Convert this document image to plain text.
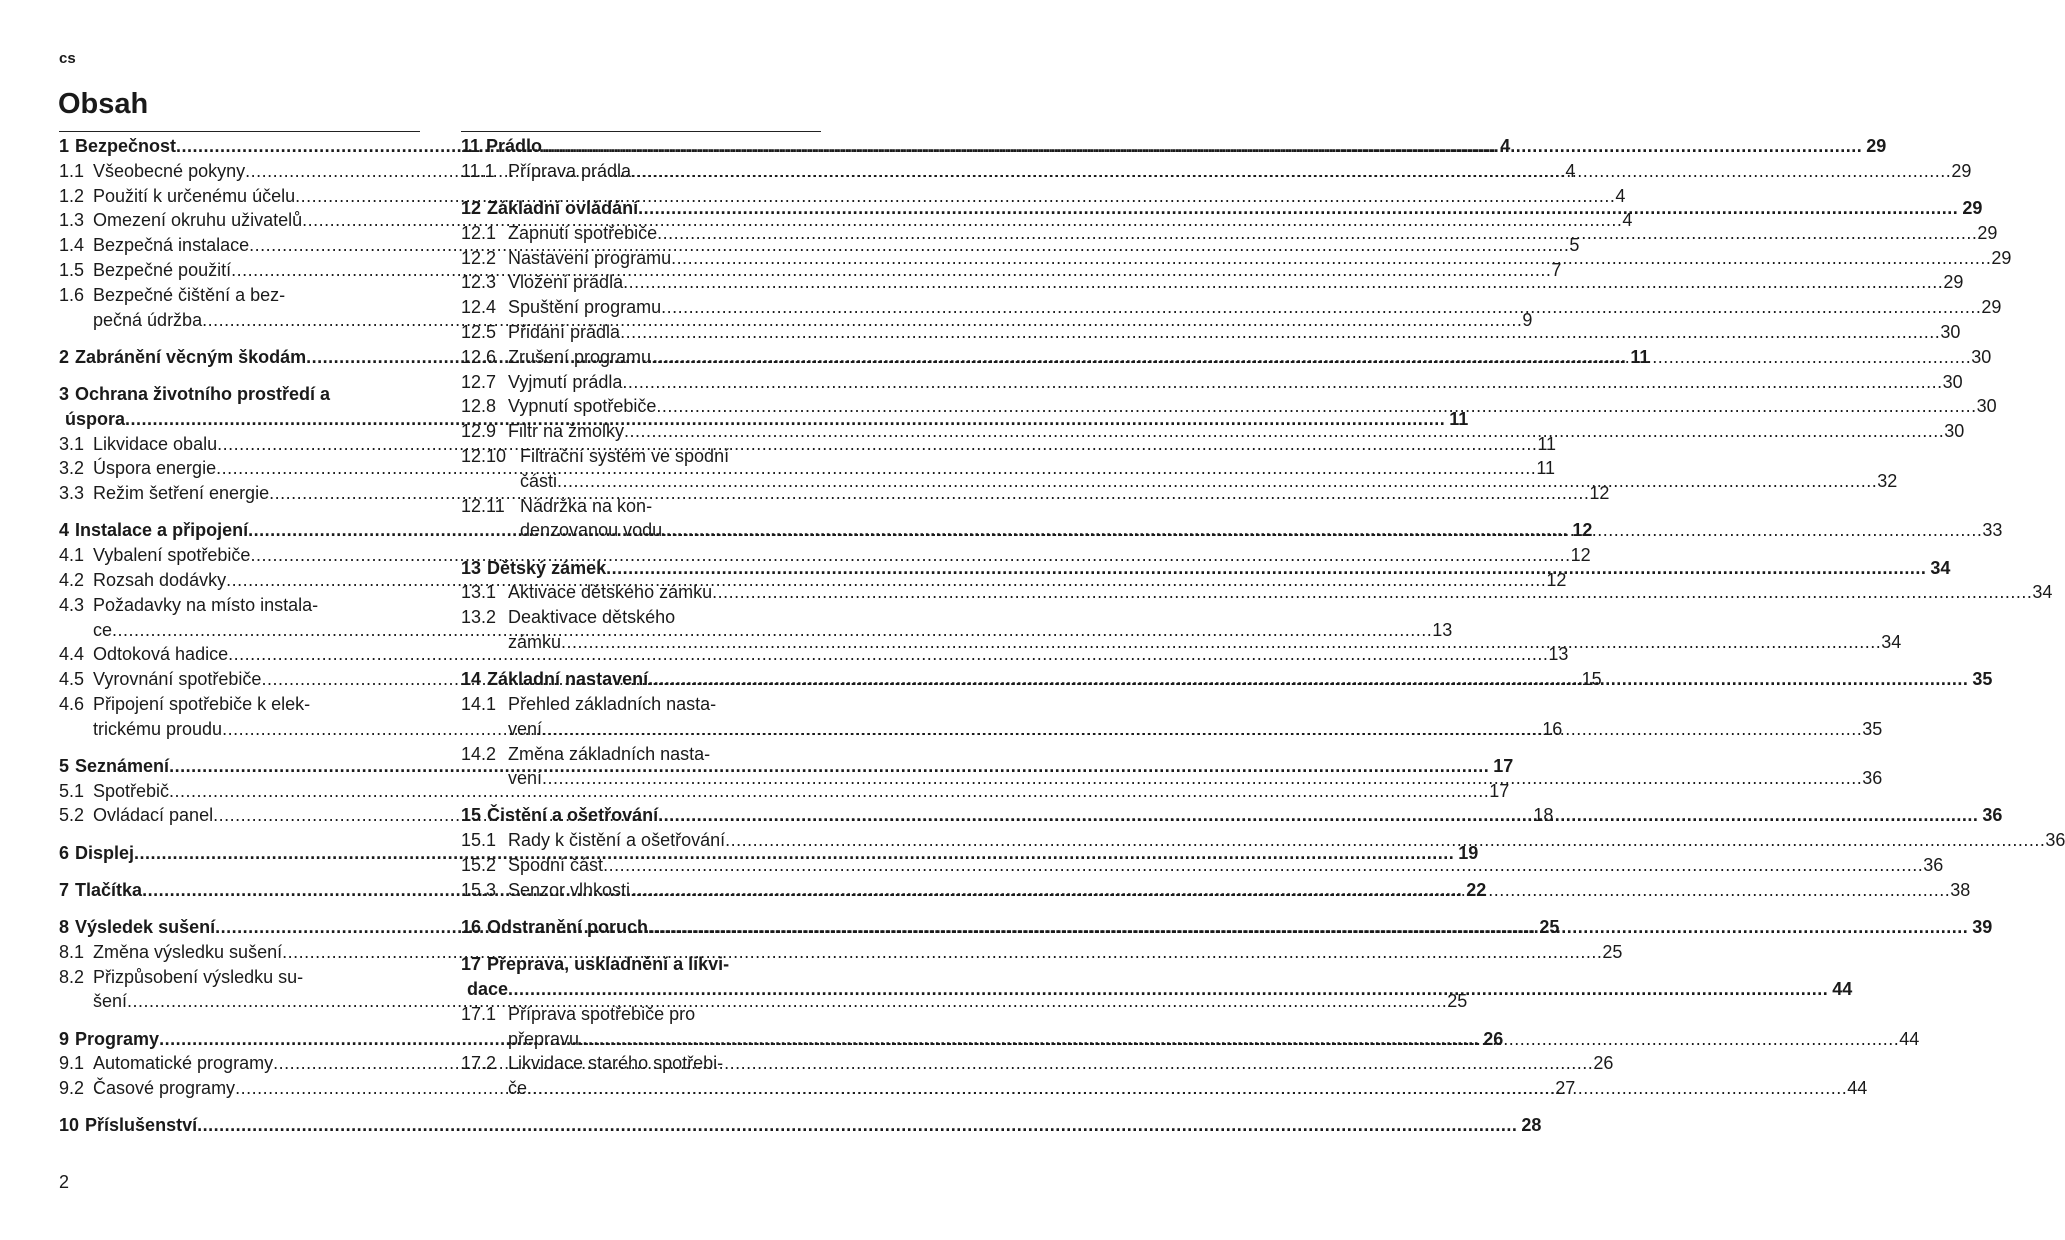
cs
Obsah
1 Bezpečnost .....	4
1.1 Všeobecné pokyny .....	4
1.2 Použití k určenému účelu .....	4
1.3 Omezení okruhu uživatelů .....	4
1.4 Bezpečná instalace .....	5
1.5 Bezpečné použití .....	7
1.6 Bezpečné čištění a bez-
pečná údržba .....	9
2 Zabránění věcným škodám .....	11
3 Ochrana životního prostředí a
úspora .....	11
3.1 Likvidace obalu .....	11
3.2 Úspora energie .....	11
3.3 Režim šetření energie .....	12
4 Instalace a připojení .....	12
4.1 Vybalení spotřebiče .....	12
4.2 Rozsah dodávky .....	12
4.3 Požadavky na místo instala-
ce .....	13
4.4 Odtoková hadice .....	13
4.5 Vyrovnání spotřebiče .....	15
4.6 Připojení spotřebiče k elek-
trickému proudu .....	16
5 Seznámení .....	17
5.1 Spotřebič .....	17
5.2 Ovládací panel .....	18
6 Displej .....	19
7 Tlačítka .....	22
8 Výsledek sušení .....	25
8.1 Změna výsledku sušení .....	25
8.2 Přizpůsobení výsledku su-
šení .....	25
9 Programy .....	26
9.1 Automatické programy .....	26
9.2 Časové programy .....	27
10 Příslušenství .....	28
11 Prádlo .....	29
11.1 Příprava prádla .....	29
12 Základní ovládání .....	29
12.1 Zapnutí spotřebiče .....	29
12.2 Nastavení programu .....	29
12.3 Vložení prádla .....	29
12.4 Spuštění programu .....	29
12.5 Přidání prádla .....	30
12.6 Zrušení programu .....	30
12.7 Vyjmutí prádla .....	30
12.8 Vypnutí spotřebiče .....	30
12.9 Filtr na žmolky .....	30
12.10 Filtrační systém ve spodní
části .....	32
12.11 Nádržka na kon-
denzovanou vodu .....	33
13 Dětský zámek .....	34
13.1 Aktivace dětského zámku .....	34
13.2 Deaktivace dětského
zámku .....	34
14 Základní nastavení .....	35
14.1 Přehled základních nasta-
vení .....	35
14.2 Změna základních nasta-
vení .....	36
15 Čistění a ošetřování .....	36
15.1 Rady k čistění a ošetřování .....	36
15.2 Spodní část .....	36
15.3 Senzor vlhkosti .....	38
16 Odstranění poruch .....	39
17 Přeprava, uskladnění a likvi-
dace .....	44
17.1 Příprava spotřebiče pro
přepravu .....	44
17.2 Likvidace starého spotřebi-
če .....	44
2
